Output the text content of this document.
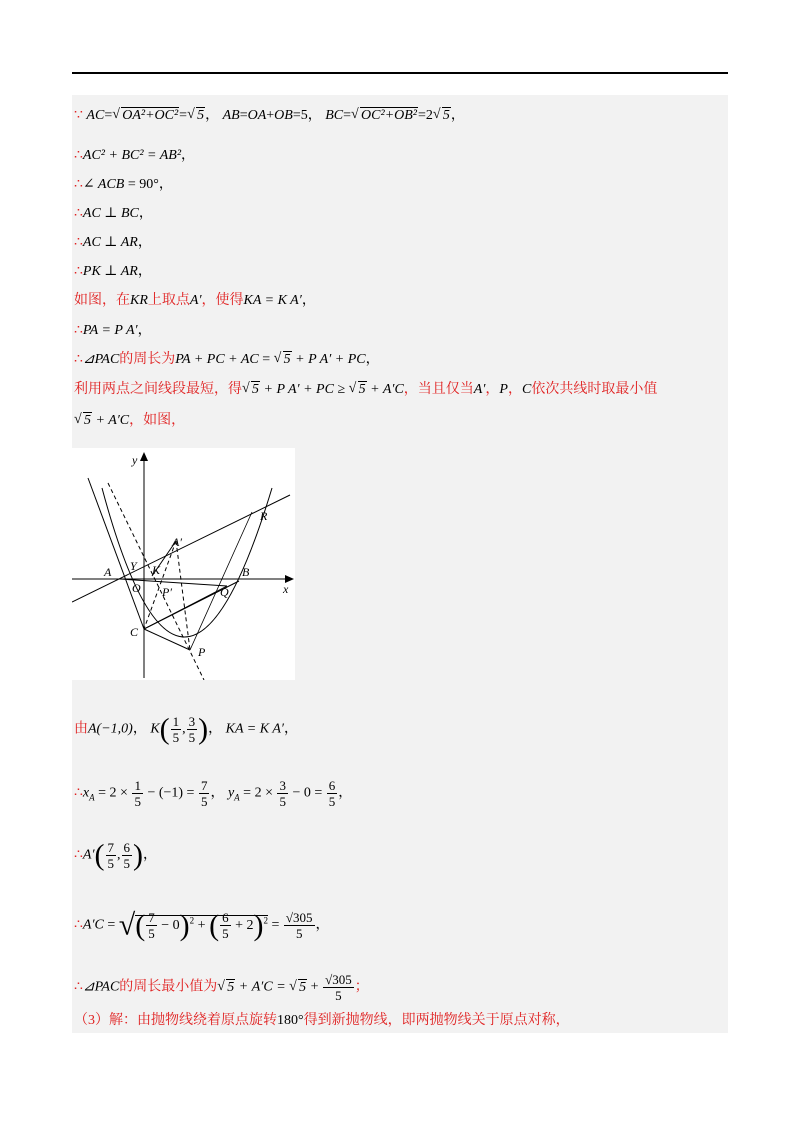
∵ AC= √ OA²+OC²= √ 5， AB=OA+OB=5， BC= √ OC²+OB²=2 √ 5，
∴AC² + BC² = AB²，
∴∠ ACB = 90°，
∴AC ⊥ BC，
∴AC ⊥ AR，
∴PK ⊥ AR，
如图，在KR上取点A′，使得KA = K A′，
∴PA = P A′，
∴⊿PAC的周长为PA + PC + AC = √ 5 + P A′ + PC，
利用两点之间线段最短，得 √ 5 + P A′ + PC ≥ √ 5 + A′C，当且仅当A′，P，C依次共线时取最小值
√ 5 + A′C，如图，
y
x
A Y
O
K
A′
P′	Q
B
R
C
P
由A(−1,0)， $K( \frac{1}{5}$ , $\frac{3}{5}$ )， KA = K A′，
$\therefore x_A = 2 \times \frac{1}{5} - (-1) = \frac{7}{5}$ ， $y_A = 2 \times \frac{3}{5} - 0 = \frac{6}{5}$ ，
∴A′( $\frac{7}{5}$ , $\frac{6}{5}$ )，
∴A′C = √( $\frac{7}{5} - 0)^2$ + ( $\frac{6}{5} + 2)^2 = \frac{√305}{5}$ ，
∴⊿PAC的周长最小值为 √ 5 + A′C = √ $5 + \frac{√305}{5}$ ；
（3）解：由抛物线绕着原点旋转180°得到新抛物线，即两抛物线关于原点对称，
